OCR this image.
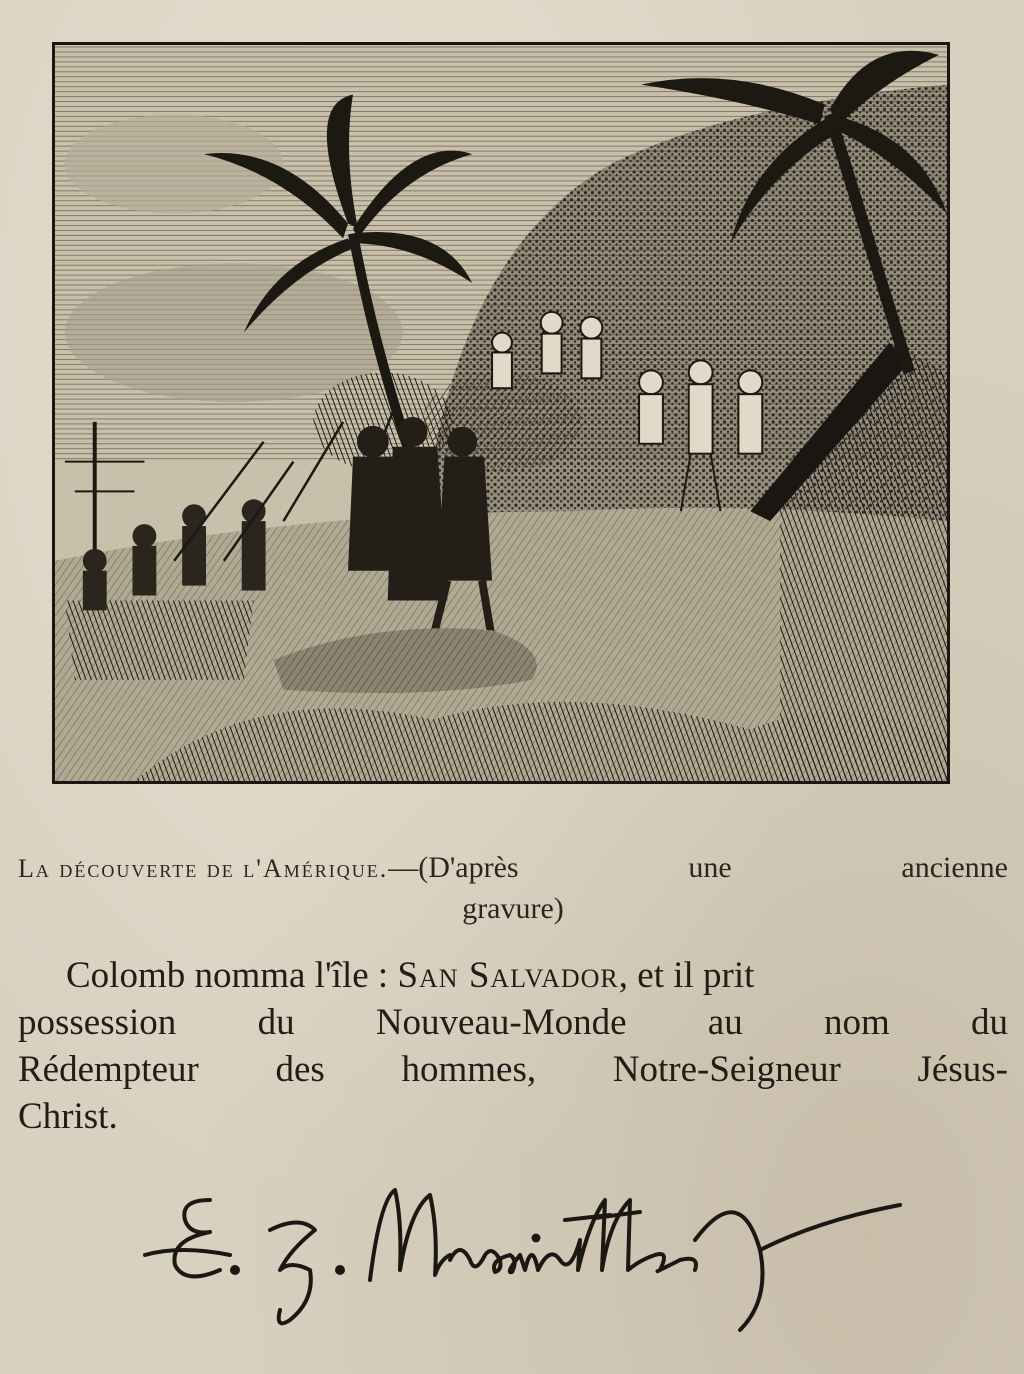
La découverte de l'Amérique.—(D'après	une	ancienne
gravure)
Colomb nomma l'île : San Salvador, et il prit
possession du Nouveau-Monde au nom du
Rédempteur des hommes, Notre-Seigneur Jésus-
Christ.
